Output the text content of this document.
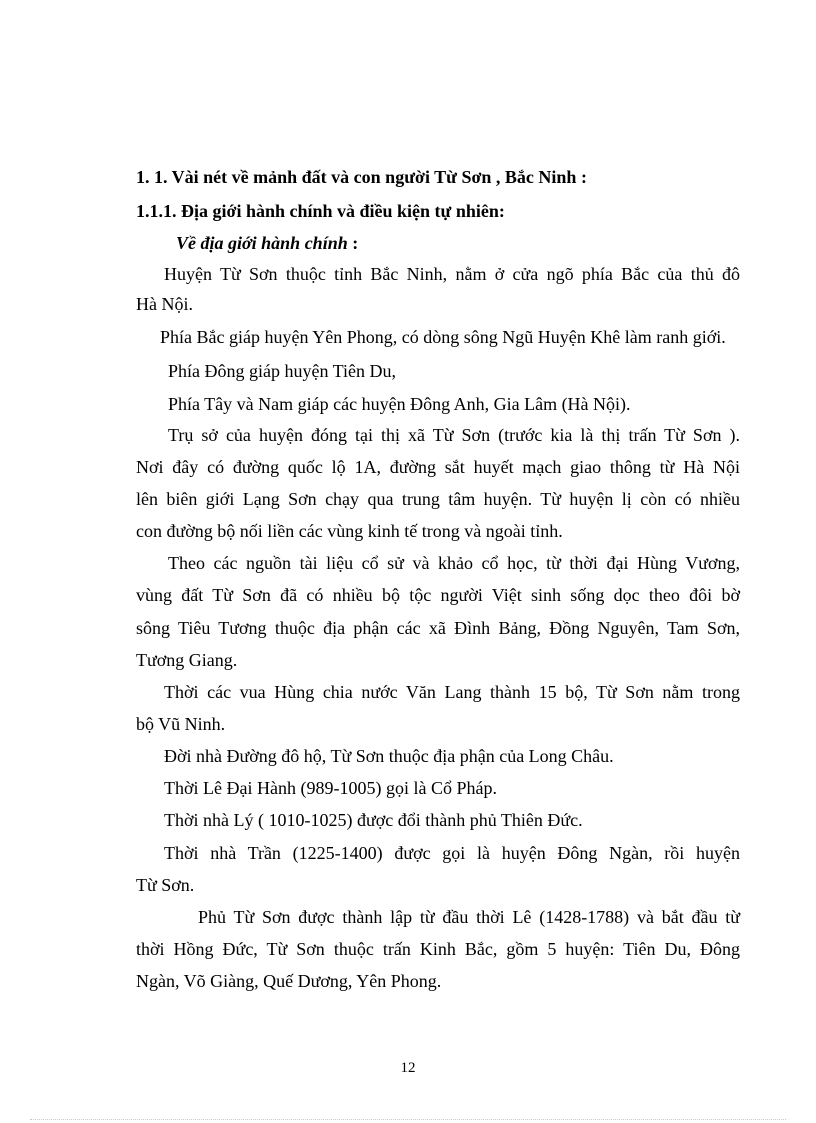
1. 1. Vài nét về mảnh đất và con người Từ Sơn , Bắc Ninh :

1.1.1. Địa giới hành chính và điều kiện tự nhiên:

Về địa giới hành chính :

Huyện Từ Sơn thuộc tỉnh Bắc Ninh, nằm ở cửa ngõ phía Bắc của thủ đô

Hà Nội.

Phía Bắc giáp huyện Yên Phong, có dòng sông Ngũ Huyện Khê làm ranh giới.

Phía Đông giáp huyện Tiên Du,

Phía Tây và Nam giáp các huyện Đông Anh, Gia Lâm (Hà Nội).

Trụ sở của huyện đóng tại thị xã Từ Sơn (trước kia là thị trấn Từ Sơn ).

Nơi đây có đường quốc lộ 1A, đường sắt huyết mạch giao thông từ Hà Nội

lên biên giới Lạng Sơn chạy qua trung tâm huyện. Từ huyện lị còn có nhiều

con đường bộ nối liền các vùng kinh tế trong và ngoài tỉnh.

Theo các nguồn tài liệu cổ sử và khảo cổ học, từ thời đại Hùng Vương,

vùng đất Từ Sơn đã có nhiều bộ tộc người Việt sinh sống dọc theo đôi bờ

sông Tiêu Tương thuộc địa phận các xã Đình Bảng, Đồng Nguyên, Tam Sơn,

Tương Giang.

Thời các vua Hùng chia nước Văn Lang thành 15 bộ, Từ Sơn nằm trong

bộ Vũ Ninh.

Đời nhà Đường đô hộ, Từ Sơn thuộc địa phận của Long Châu.

Thời Lê Đại Hành (989-1005) gọi là Cổ Pháp.

Thời nhà Lý ( 1010-1025) được đổi thành phủ Thiên Đức.

Thời nhà Trần (1225-1400) được gọi là huyện Đông Ngàn, rồi huyện

Từ Sơn.

Phủ Từ Sơn được thành lập từ đầu thời Lê (1428-1788) và bắt đầu từ

thời Hồng Đức, Từ Sơn thuộc trấn Kinh Bắc, gồm 5 huyện: Tiên Du, Đông

Ngàn, Võ Giàng, Quế Dương, Yên Phong.

12
